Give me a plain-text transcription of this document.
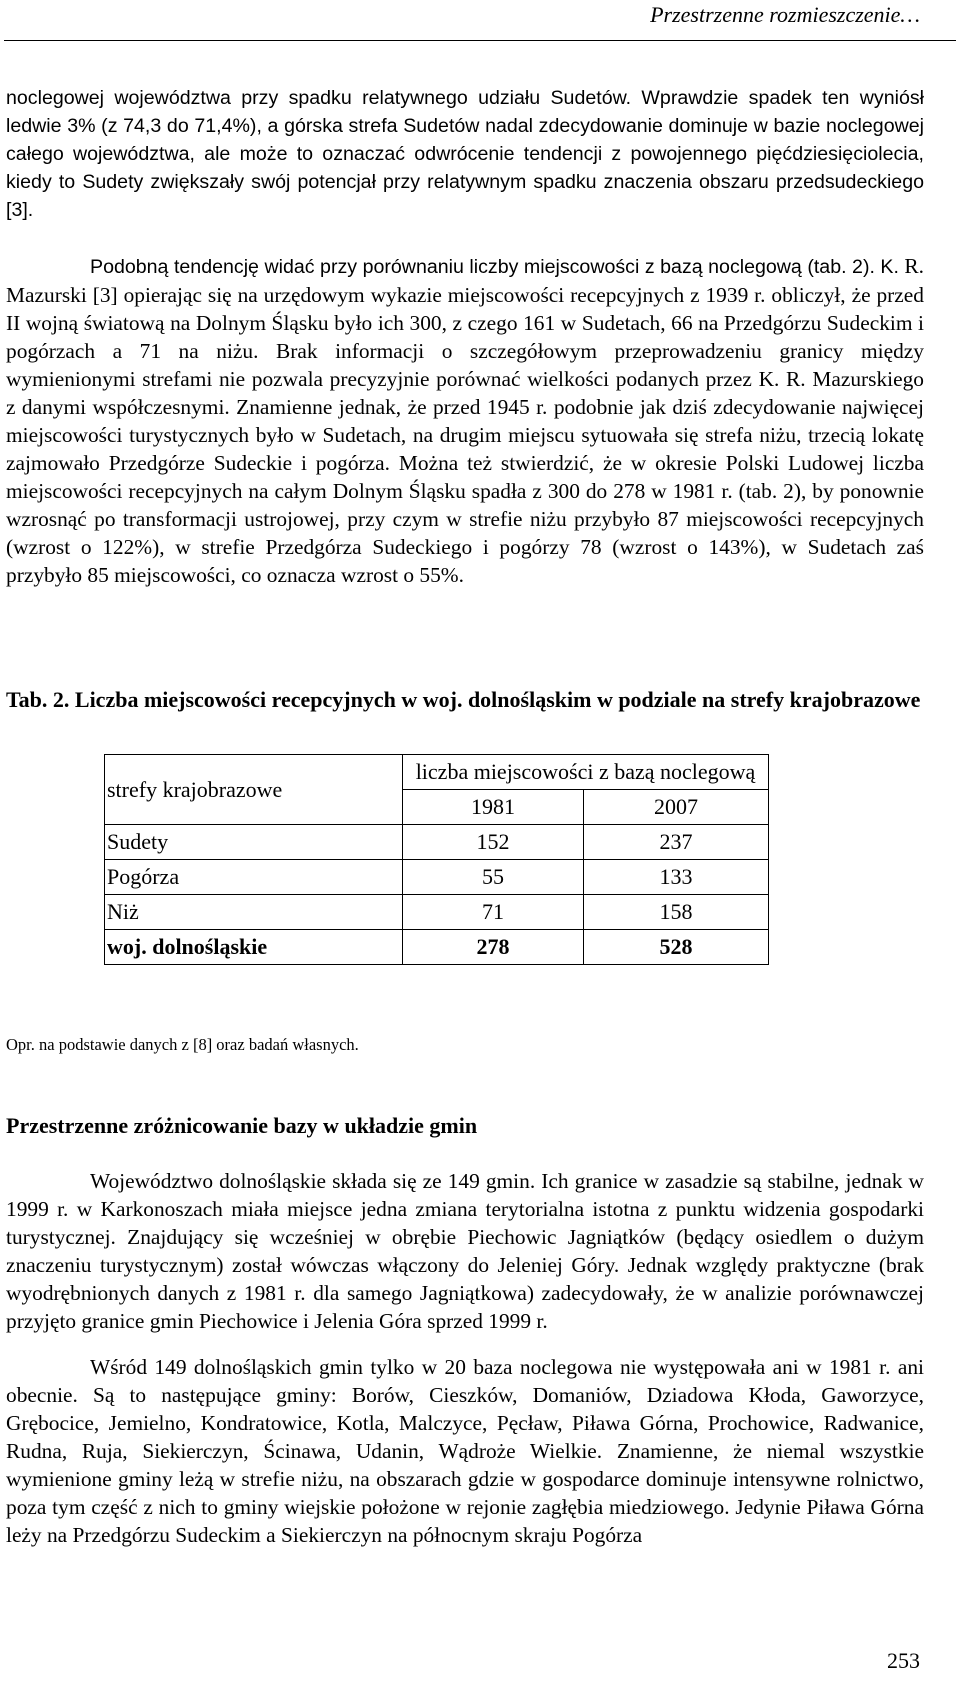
Przestrzenne rozmieszczenie…

noclegowej województwa przy spadku relatywnego udziału Sudetów. Wprawdzie spadek ten wyniósł ledwie 3% (z 74,3 do 71,4%), a górska strefa Sudetów nadal zdecydowanie dominuje w bazie noclegowej całego województwa, ale może to oznaczać odwrócenie tendencji z powojennego pięćdziesięciolecia, kiedy to Sudety zwiększały swój potencjał przy relatywnym spadku znaczenia obszaru przedsudeckiego [3].

Podobną tendencję widać przy porównaniu liczby miejscowości z bazą noclegową (tab. 2). K. R. Mazurski [3] opierając się na urzędowym wykazie miejscowości recepcyjnych z 1939 r. obliczył, że przed II wojną światową na Dolnym Śląsku było ich 300, z czego 161 w Sudetach, 66 na Przedgórzu Sudeckim i pogórzach a 71 na niżu. Brak informacji o szczegółowym przeprowadzeniu granicy między wymienionymi strefami nie pozwala precyzyjnie porównać wielkości podanych przez K. R. Mazurskiego z danymi współczesnymi. Znamienne jednak, że przed 1945 r. podobnie jak dziś zdecydowanie najwięcej miejscowości turystycznych było w Sudetach, na drugim miejscu sytuowała się strefa niżu, trzecią lokatę zajmowało Przedgórze Sudeckie i pogórza. Można też stwierdzić, że w okresie Polski Ludowej liczba miejscowości recepcyjnych na całym Dolnym Śląsku spadła z 300 do 278 w 1981 r. (tab. 2), by ponownie wzrosnąć po transformacji ustrojowej, przy czym w strefie niżu przybyło 87 miejscowości recepcyjnych (wzrost o 122%), w strefie Przedgórza Sudeckiego i pogórzy 78 (wzrost o 143%), w Sudetach zaś przybyło 85 miejscowości, co oznacza wzrost o 55%.

Tab. 2. Liczba miejscowości recepcyjnych w woj. dolnośląskim w podziale na strefy krajobrazowe

strefy krajobrazowe	liczba miejscowości z bazą noclegową	
	1981	2007
Sudety	152	237
Pogórza	55	133
Niż	71	158
woj. dolnośląskie	278	528
Opr. na podstawie danych z [8] oraz badań własnych.

Przestrzenne zróżnicowanie bazy w układzie gmin

Województwo dolnośląskie składa się ze 149 gmin. Ich granice w zasadzie są stabilne, jednak w 1999 r. w Karkonoszach miała miejsce jedna zmiana terytorialna istotna z punktu widzenia gospodarki turystycznej. Znajdujący się wcześniej w obrębie Piechowic Jagniątków (będący osiedlem o dużym znaczeniu turystycznym) został wówczas włączony do Jeleniej Góry. Jednak względy praktyczne (brak wyodrębnionych danych z 1981 r. dla samego Jagniątkowa) zadecydowały, że w analizie porównawczej przyjęto granice gmin Piechowice i Jelenia Góra sprzed 1999 r.

Wśród 149 dolnośląskich gmin tylko w 20 baza noclegowa nie występowała ani w 1981 r. ani obecnie. Są to następujące gminy: Borów, Cieszków, Domaniów, Dziadowa Kłoda, Gaworzyce, Grębocice, Jemielno, Kondratowice, Kotla, Malczyce, Pęcław, Piława Górna, Prochowice, Radwanice, Rudna, Ruja, Siekierczyn, Ścinawa, Udanin, Wądroże Wielkie. Znamienne, że niemal wszystkie wymienione gminy leżą w strefie niżu, na obszarach gdzie w gospodarce dominuje intensywne rolnictwo, poza tym część z nich to gminy wiejskie położone w rejonie zagłębia miedziowego. Jedynie Piława Górna leży na Przedgórzu Sudeckim a Siekierczyn na północnym skraju Pogórza

253
